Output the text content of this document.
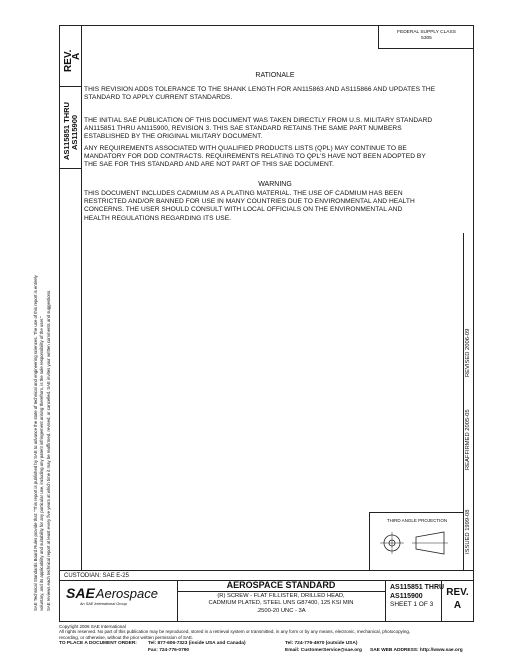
SAE Technical Standards Board Rules provide that: "This report is published by SAE to advance the state of technical and engineering sciences. The use of this report is entirely voluntary, and its applicability and suitability for any particular use, including any patent infringement arising therefrom, is the sole responsibility of the user." SAE reviews each technical report at least every five years at which time it may be reaffirmed, revised, or cancelled. SAE invites your written comments and suggestions.
REV.
A
AS115851 THRU AS115900
FEDERAL SUPPLY CLASS
5305
RATIONALE
THIS REVISION ADDS TOLERANCE TO THE SHANK LENGTH FOR AN115863 AND AS115866 AND UPDATES THE
STANDARD TO APPLY CURRENT STANDARDS.
THE INITIAL SAE PUBLICATION OF THIS DOCUMENT WAS TAKEN DIRECTLY FROM U.S. MILITARY STANDARD
AN115851 THRU AN115900, REVISION 3. THIS SAE STANDARD RETAINS THE SAME PART NUMBERS
ESTABLISHED BY THE ORIGINAL MILITARY DOCUMENT.
ANY REQUIREMENTS ASSOCIATED WITH QUALIFIED PRODUCTS LISTS (QPL) MAY CONTINUE TO BE
MANDATORY FOR DOD CONTRACTS. REQUIREMENTS RELATING TO QPL'S HAVE NOT BEEN ADOPTED BY
THE SAE FOR THIS STANDARD AND ARE NOT PART OF THIS SAE DOCUMENT.
WARNING
THIS DOCUMENT INCLUDES CADMIUM AS A PLATING MATERIAL. THE USE OF CADMIUM HAS BEEN
RESTRICTED AND/OR BANNED FOR USE IN MANY COUNTRIES DUE TO ENVIRONMENTAL AND HEALTH
CONCERNS. THE USER SHOULD CONSULT WITH LOCAL OFFICIALS ON THE ENVIRONMENTAL AND
HEALTH REGULATIONS REGARDING ITS USE.
ISSUED 1999-08
REAFFIRMED 2005-05
REVISED 2006-09
THIRD ANGLE PROJECTION
CUSTODIAN: SAE E-25
SAEAerospace
An SAE International Group
AEROSPACE STANDARD
(R) SCREW - FLAT FILLISTER, DRILLED HEAD,
CADMIUM PLATED, STEEL UNS G87400, 125 KSI MIN
.2500-20 UNC - 3A
AS115851 THRU
AS115900
SHEET 1 OF 3
REV.
A
Copyright 2006 SAE International
All rights reserved. No part of this publication may be reproduced, stored in a retrieval system or transmitted, in any form or by any means, electronic, mechanical, photocopying,
recording, or otherwise, without the prior written permission of SAE.
TO PLACE A DOCUMENT ORDER: Tel: 877-606-7323 (inside USA and Canada)	Tel: 724-776-4970 (outside USA)
Fax: 724-776-0790	Email: CustomerService@sae.org SAE WEB ADDRESS: http://www.sae.org
